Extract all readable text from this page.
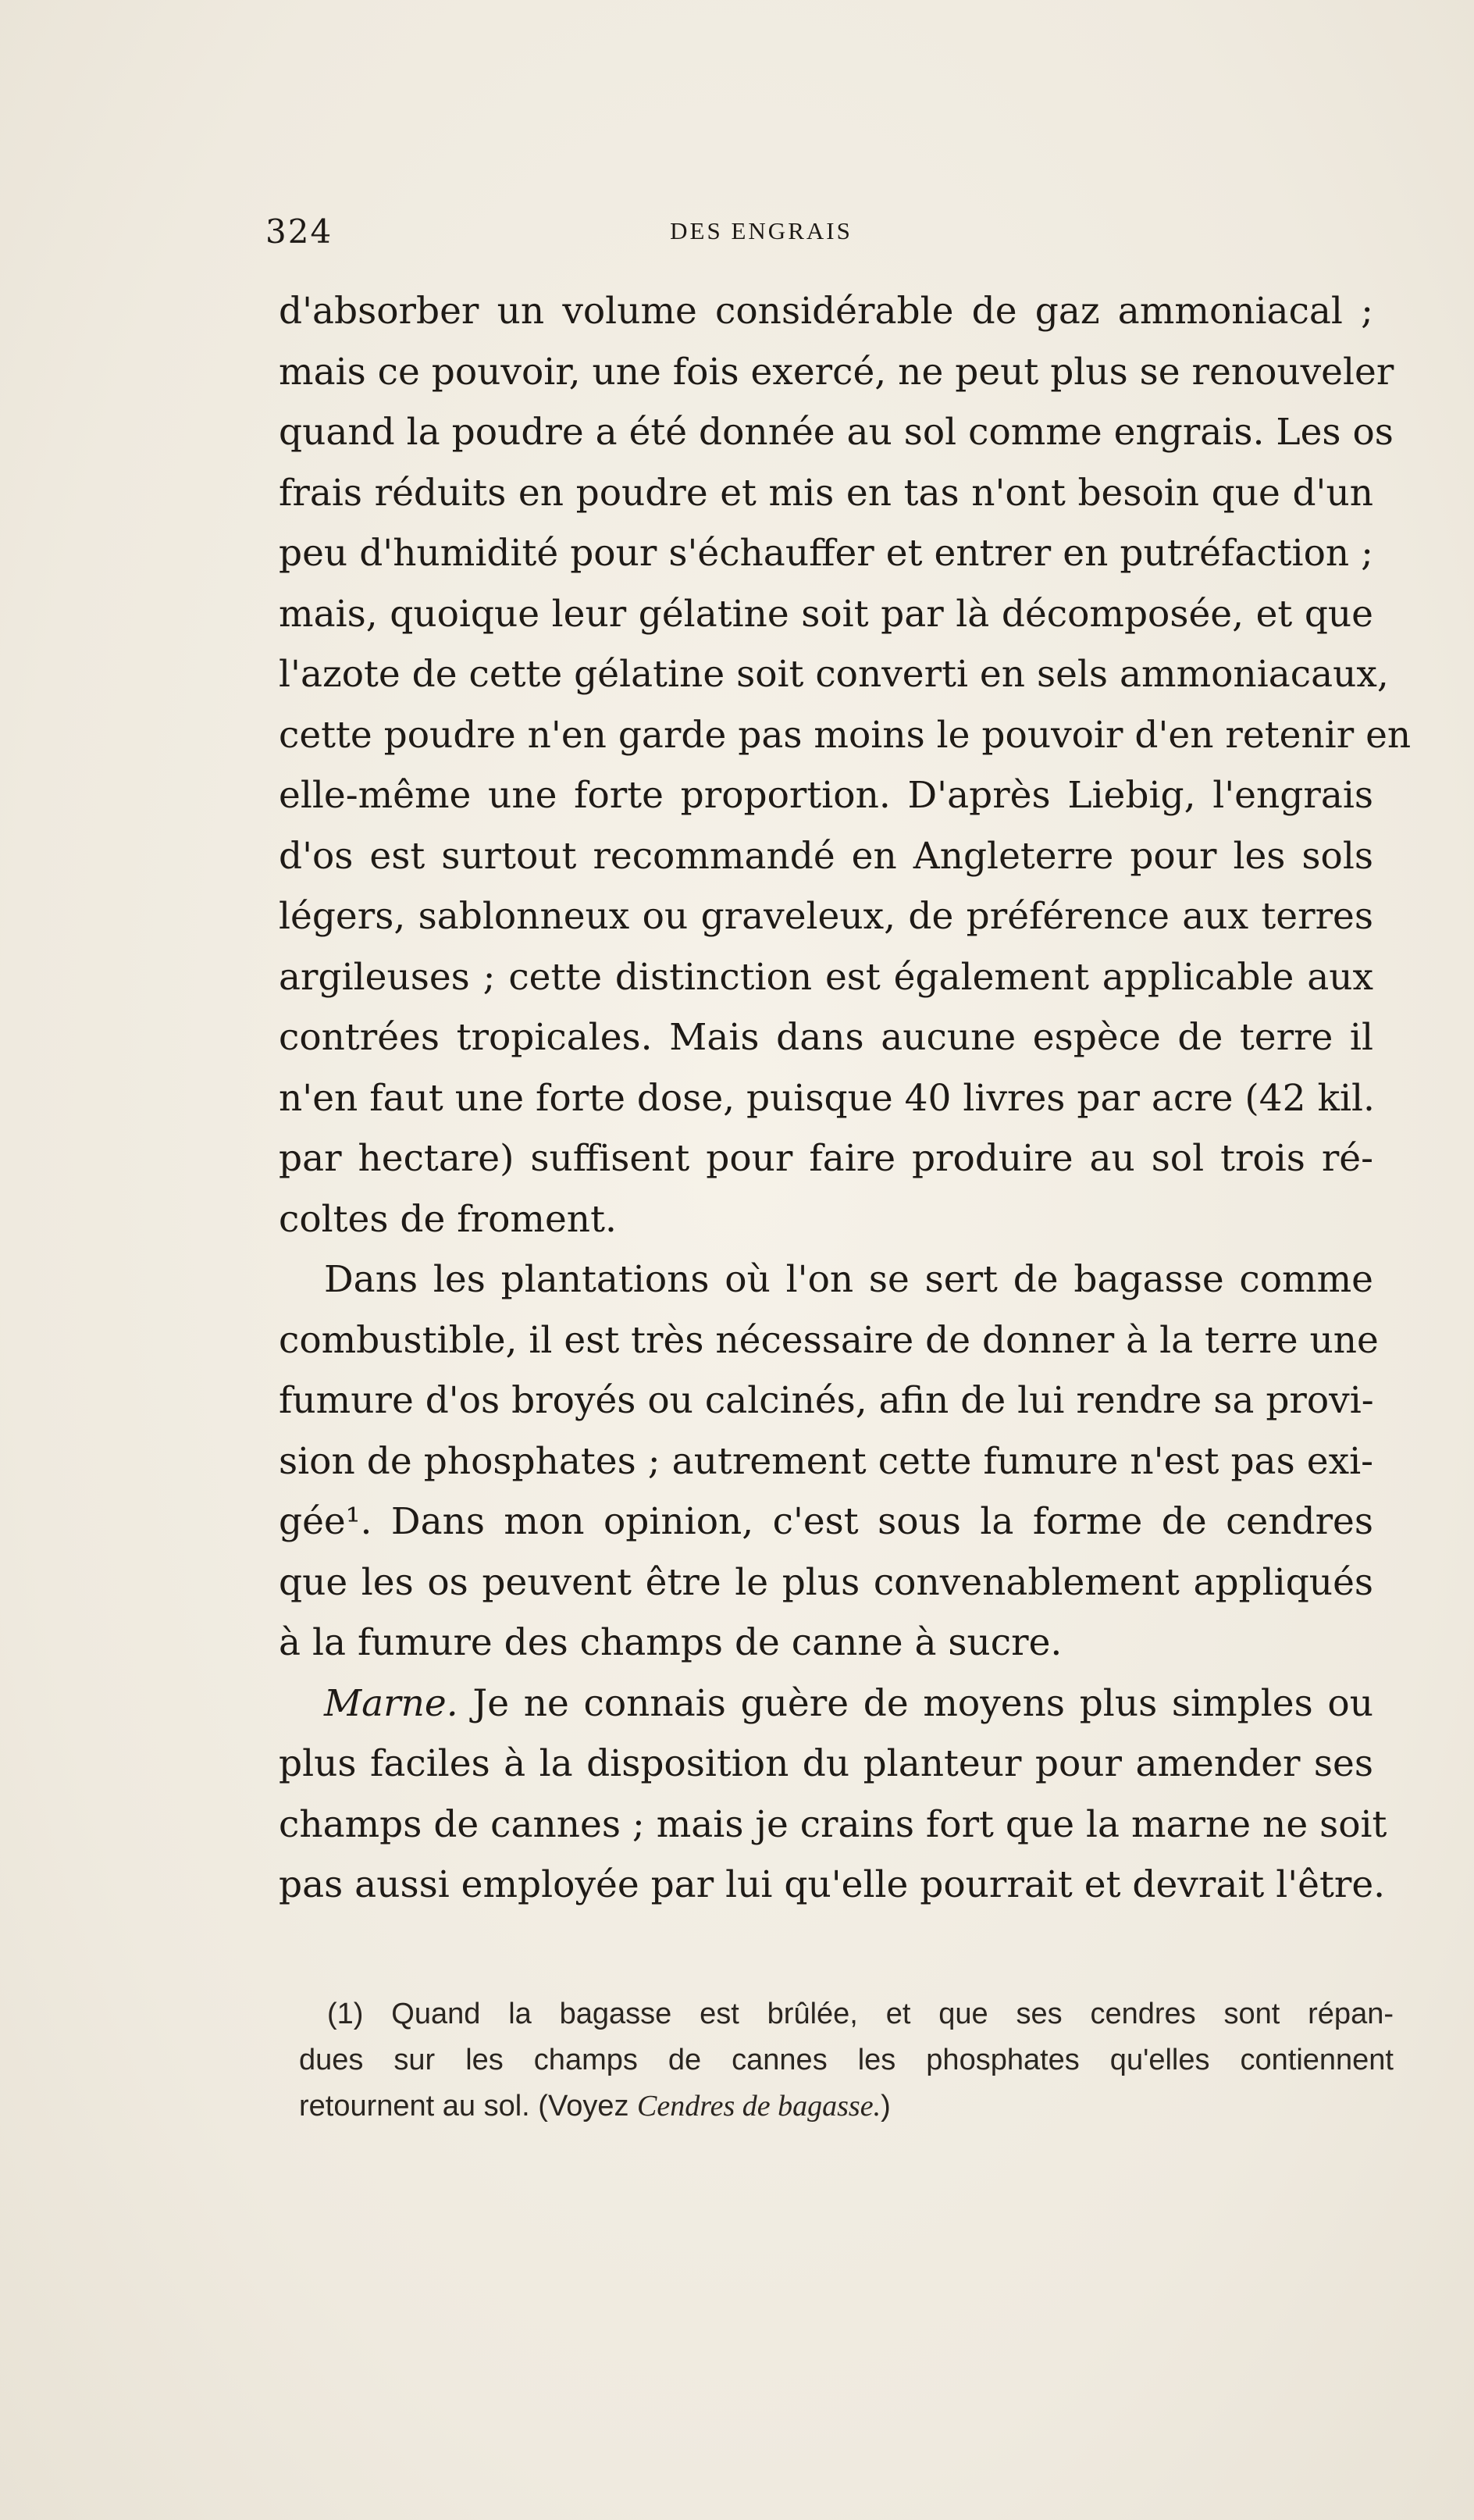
324	DES ENGRAIS
d'absorber un volume considérable de gaz ammoniacal ;
mais ce pouvoir, une fois exercé, ne peut plus se renouveler
quand la poudre a été donnée au sol comme engrais. Les os
frais réduits en poudre et mis en tas n'ont besoin que d'un
peu d'humidité pour s'échauffer et entrer en putréfaction ;
mais, quoique leur gélatine soit par là décomposée, et que
l'azote de cette gélatine soit converti en sels ammoniacaux,
cette poudre n'en garde pas moins le pouvoir d'en retenir en
elle-même une forte proportion. D'après Liebig, l'engrais
d'os est surtout recommandé en Angleterre pour les sols
légers, sablonneux ou graveleux, de préférence aux terres
argileuses ; cette distinction est également applicable aux
contrées tropicales. Mais dans aucune espèce de terre il
n'en faut une forte dose, puisque 40 livres par acre (42 kil.
par hectare) suffisent pour faire produire au sol trois ré-
coltes de froment.
Dans les plantations où l'on se sert de bagasse comme
combustible, il est très nécessaire de donner à la terre une
fumure d'os broyés ou calcinés, afin de lui rendre sa provi-
sion de phosphates ; autrement cette fumure n'est pas exi-
gée¹. Dans mon opinion, c'est sous la forme de cendres
que les os peuvent être le plus convenablement appliqués
à la fumure des champs de canne à sucre.
Marne. Je ne connais guère de moyens plus simples ou
plus faciles à la disposition du planteur pour amender ses
champs de cannes ; mais je crains fort que la marne ne soit
pas aussi employée par lui qu'elle pourrait et devrait l'être.
(1) Quand la bagasse est brûlée, et que ses cendres sont répan-
dues sur les champs de cannes les phosphates qu'elles contiennent
retournent au sol. (Voyez Cendres de bagasse.)
